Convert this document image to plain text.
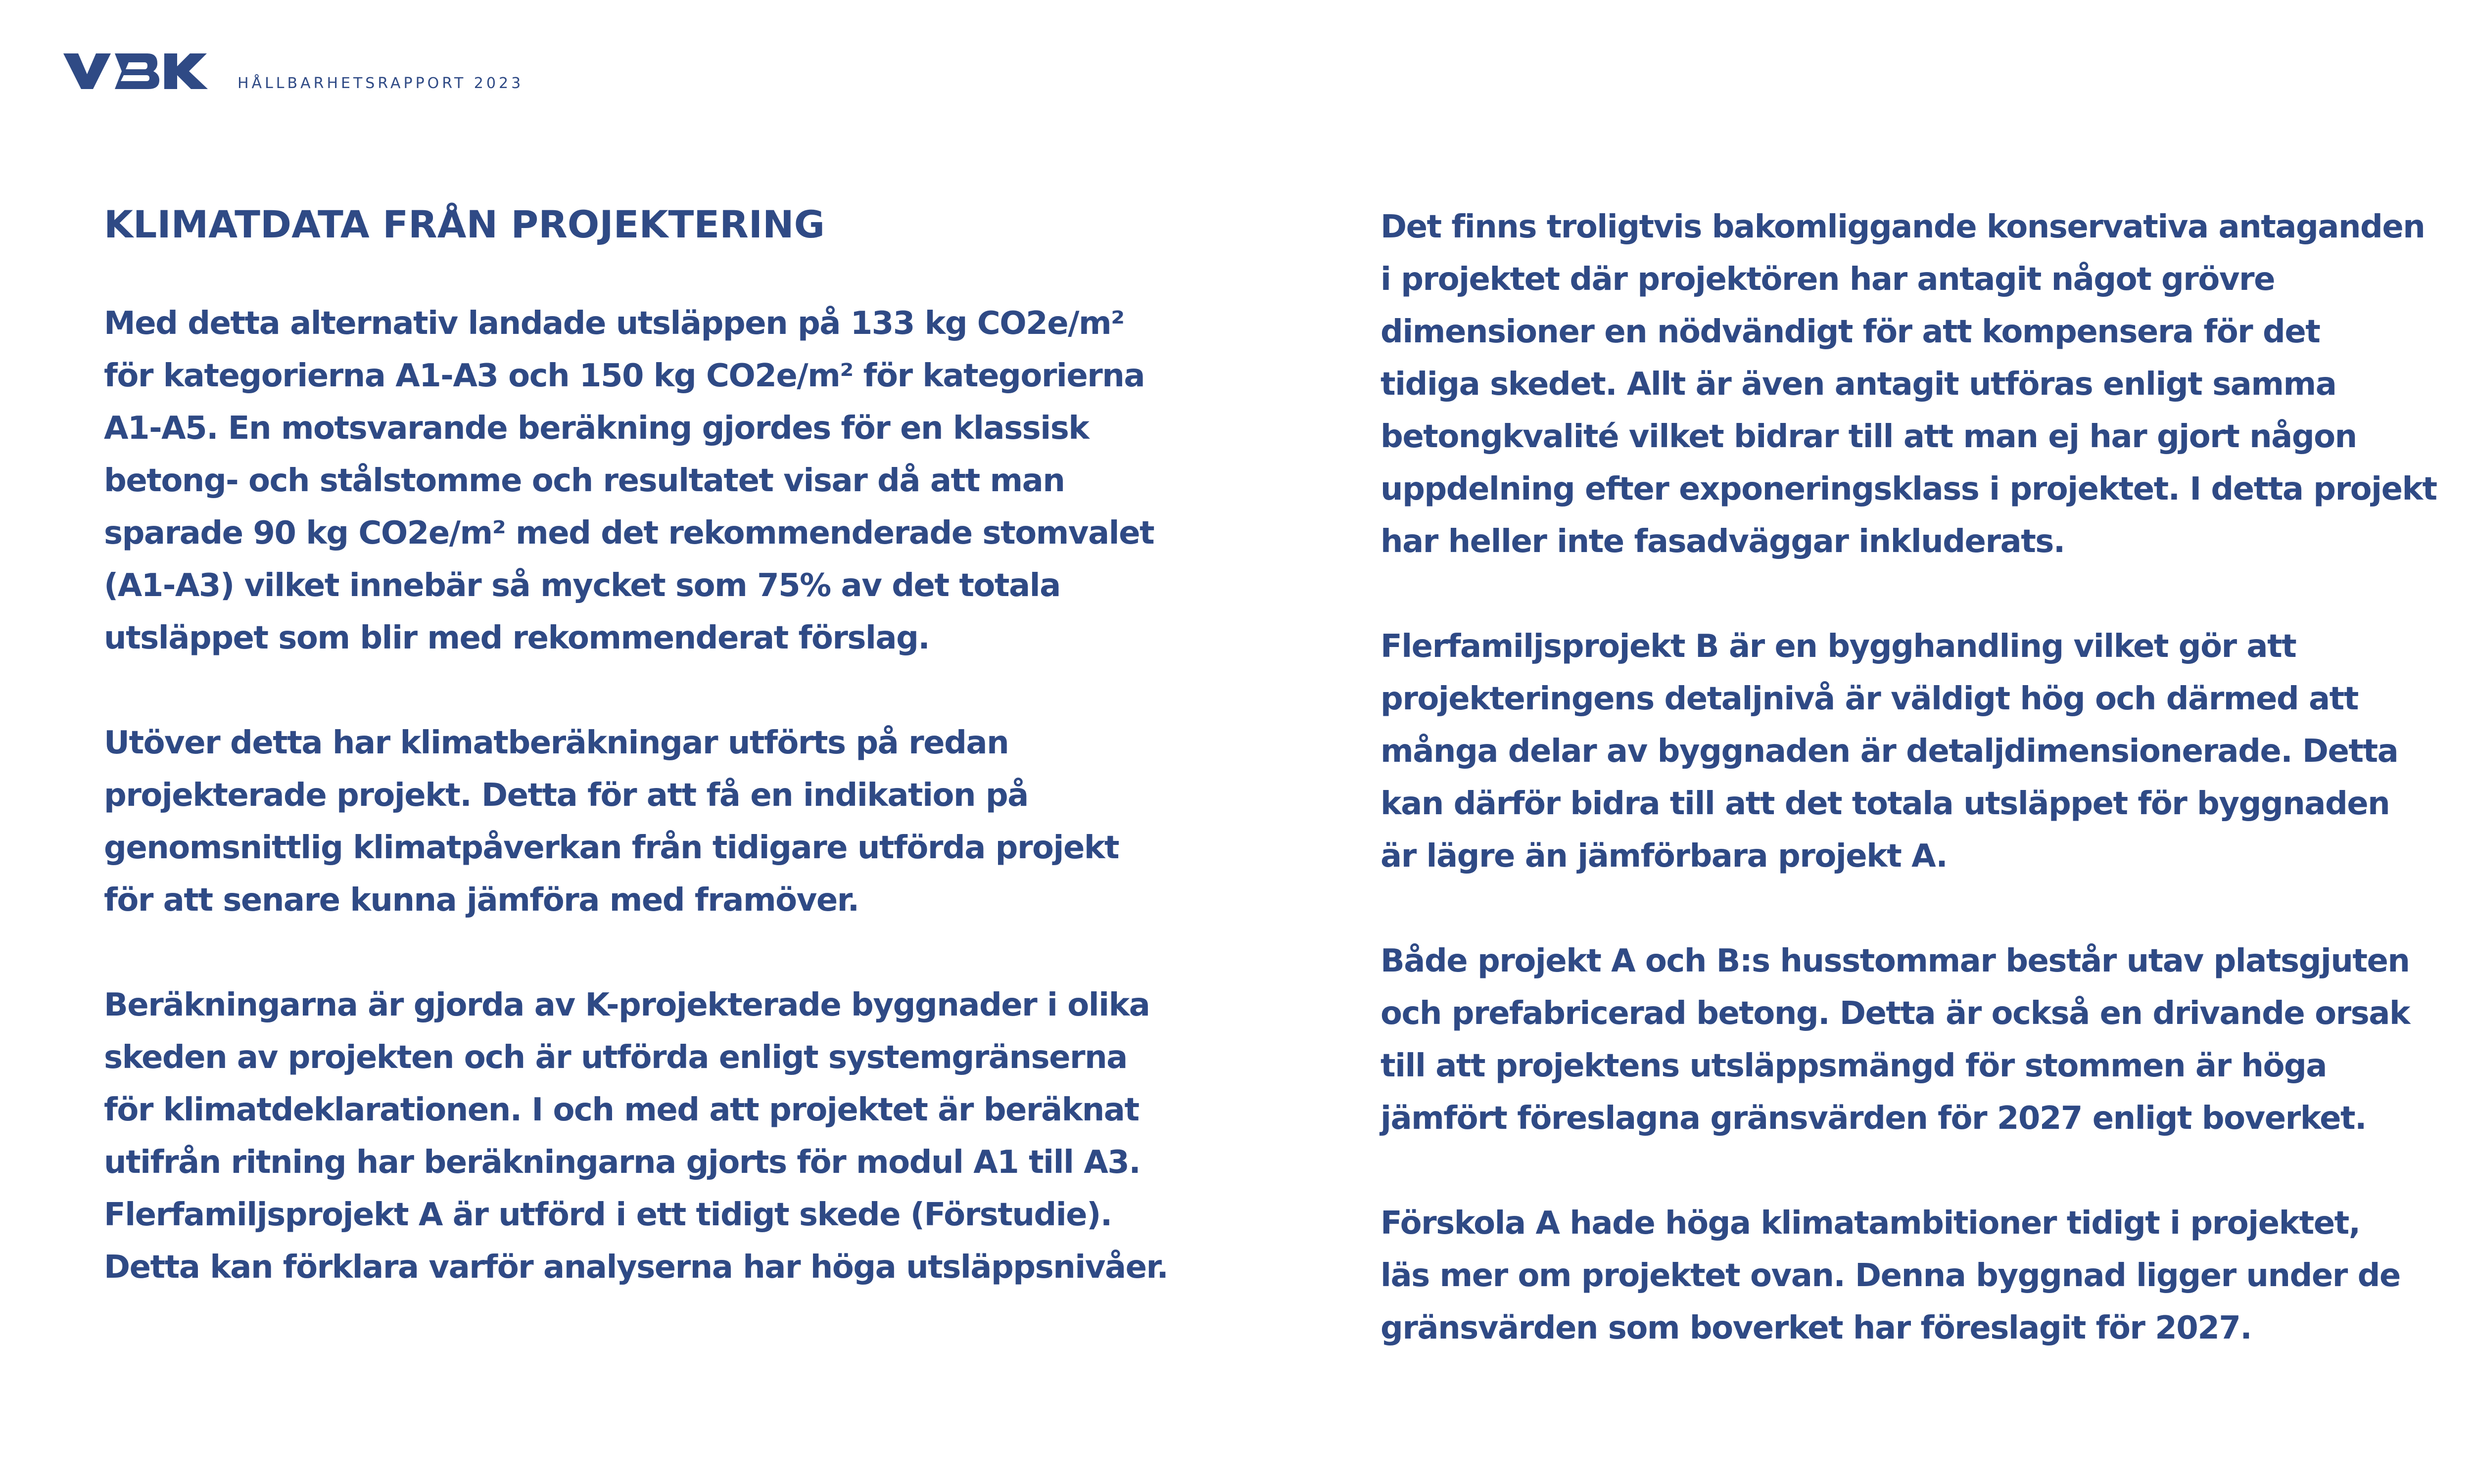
HÅLLBARHETSRAPPORT 2023
KLIMATDATA FRÅN PROJEKTERING

Med detta alternativ landade utsläppen på 133 kg CO2e/m²
för kategorierna A1-A3 och 150 kg CO2e/m² för kategorierna
A1-A5. En motsvarande beräkning gjordes för en klassisk
betong- och stålstomme och resultatet visar då att man
sparade 90 kg CO2e/m² med det rekommenderade stomvalet
(A1-A3) vilket innebär så mycket som 75% av det totala
utsläppet som blir med rekommenderat förslag.

Utöver detta har klimatberäkningar utförts på redan
projekterade projekt. Detta för att få en indikation på
genomsnittlig klimatpåverkan från tidigare utförda projekt
för att senare kunna jämföra med framöver.

Beräkningarna är gjorda av K-projekterade byggnader i olika
skeden av projekten och är utförda enligt systemgränserna
för klimatdeklarationen. I och med att projektet är beräknat
utifrån ritning har beräkningarna gjorts för modul A1 till A3.
Flerfamiljsprojekt A är utförd i ett tidigt skede (Förstudie).
Detta kan förklara varför analyserna har höga utsläppsnivåer.

Det finns troligtvis bakomliggande konservativa antaganden
i projektet där projektören har antagit något grövre
dimensioner en nödvändigt för att kompensera för det
tidiga skedet. Allt är även antagit utföras enligt samma
betongkvalité vilket bidrar till att man ej har gjort någon
uppdelning efter exponeringsklass i projektet. I detta projekt
har heller inte fasadväggar inkluderats.

Flerfamiljsprojekt B är en bygghandling vilket gör att
projekteringens detaljnivå är väldigt hög och därmed att
många delar av byggnaden är detaljdimensionerade. Detta
kan därför bidra till att det totala utsläppet för byggnaden
är lägre än jämförbara projekt A.

Både projekt A och B:s husstommar består utav platsgjuten
och prefabricerad betong. Detta är också en drivande orsak
till att projektens utsläppsmängd för stommen är höga
jämfört föreslagna gränsvärden för 2027 enligt boverket.

Förskola A hade höga klimatambitioner tidigt i projektet,
läs mer om projektet ovan. Denna byggnad ligger under de
gränsvärden som boverket har föreslagit för 2027.
